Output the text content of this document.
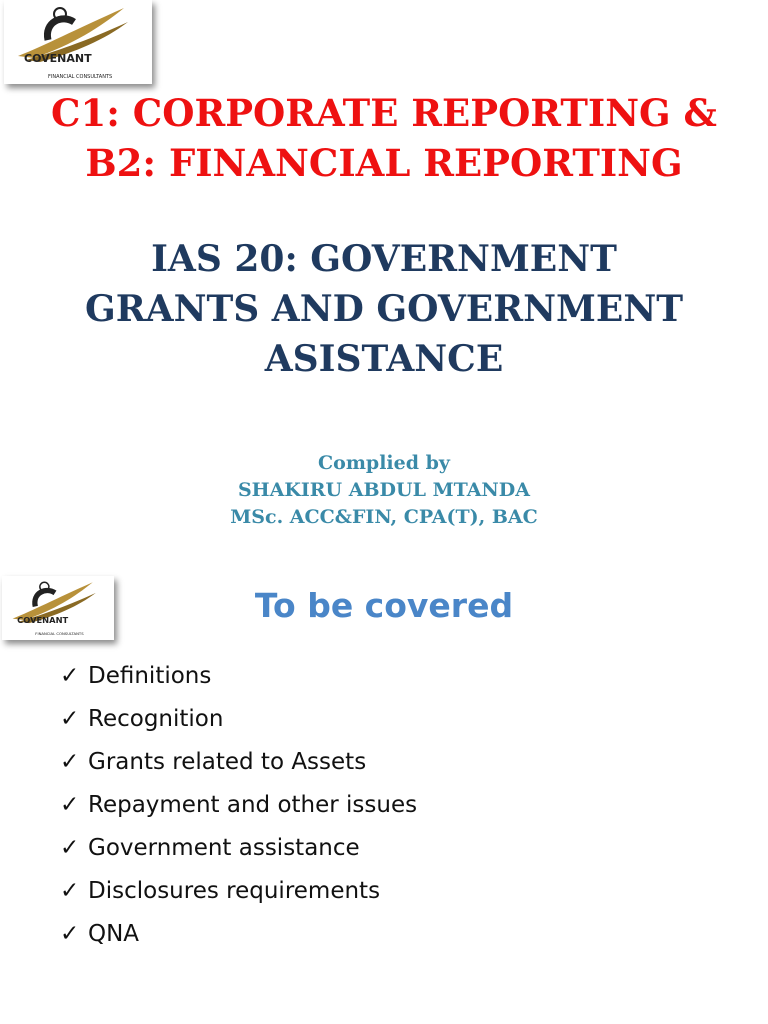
COVENANT
FINANCIAL CONSULTANTS
C1: CORPORATE REPORTING &
B2: FINANCIAL REPORTING
IAS 20: GOVERNMENT
GRANTS AND GOVERNMENT
ASISTANCE
Complied by
SHAKIRU ABDUL MTANDA
MSc. ACC&FIN, CPA(T), BAC
COVENANT
FINANCIAL CONSULTANTS
To be covered
✓ Definitions
✓ Recognition
✓ Grants related to Assets
✓ Repayment and other issues
✓ Government assistance
✓ Disclosures requirements
✓ QNA
